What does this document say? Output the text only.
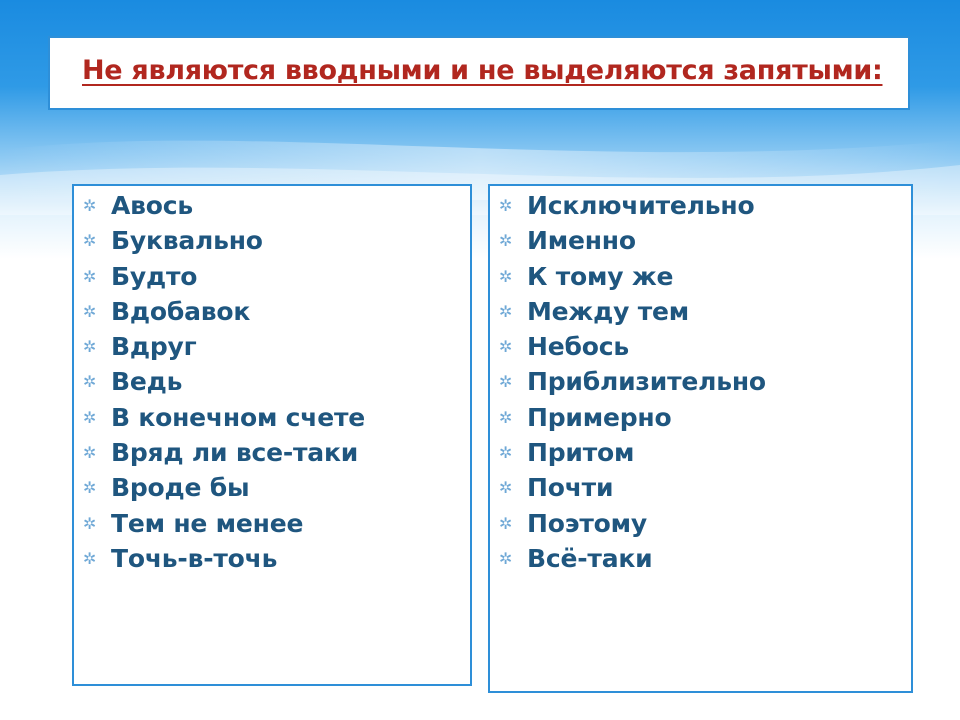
Не являются вводными и не выделяются запятыми:
✲ Авось
✲ Буквально
✲ Будто
✲ Вдобавок
✲ Вдруг
✲ Ведь
✲ В конечном счете
✲ Вряд ли все-таки
✲ Вроде бы
✲ Тем не менее
✲ Точь-в-точь
✲ Исключительно
✲ Именно
✲ К тому же
✲ Между тем
✲ Небось
✲ Приблизительно
✲ Примерно
✲ Притом
✲ Почти
✲ Поэтому
✲ Всё-таки
